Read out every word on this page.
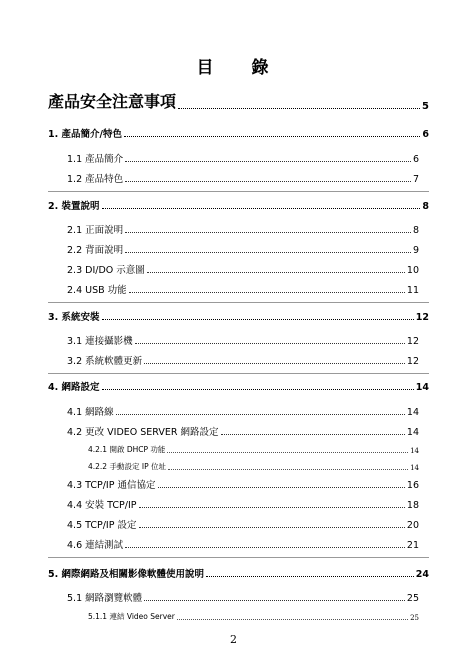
目 錄
產品安全注意事項	5
1. 產品簡介/特色	6
1.1 產品簡介	6
1.2 產品特色	7
2. 裝置說明	8
2.1 正面說明	8
2.2 背面說明	9
2.3 DI/DO 示意圖	10
2.4 USB 功能	11
3. 系統安裝	12
3.1 連接攝影機	12
3.2 系統軟體更新	12
4. 網路設定	14
4.1 網路線	14
4.2 更改 VIDEO SERVER 網路設定	14
4.2.1 開啟 DHCP 功能	14
4.2.2 手動設定 IP 位址	14
4.3 TCP/IP 通信協定	16
4.4 安裝 TCP/IP	18
4.5 TCP/IP 設定	20
4.6 連結測試	21
5. 網際網路及相關影像軟體使用說明	24
5.1 網路瀏覽軟體	25
5.1.1 連結 Video Server	25
2
